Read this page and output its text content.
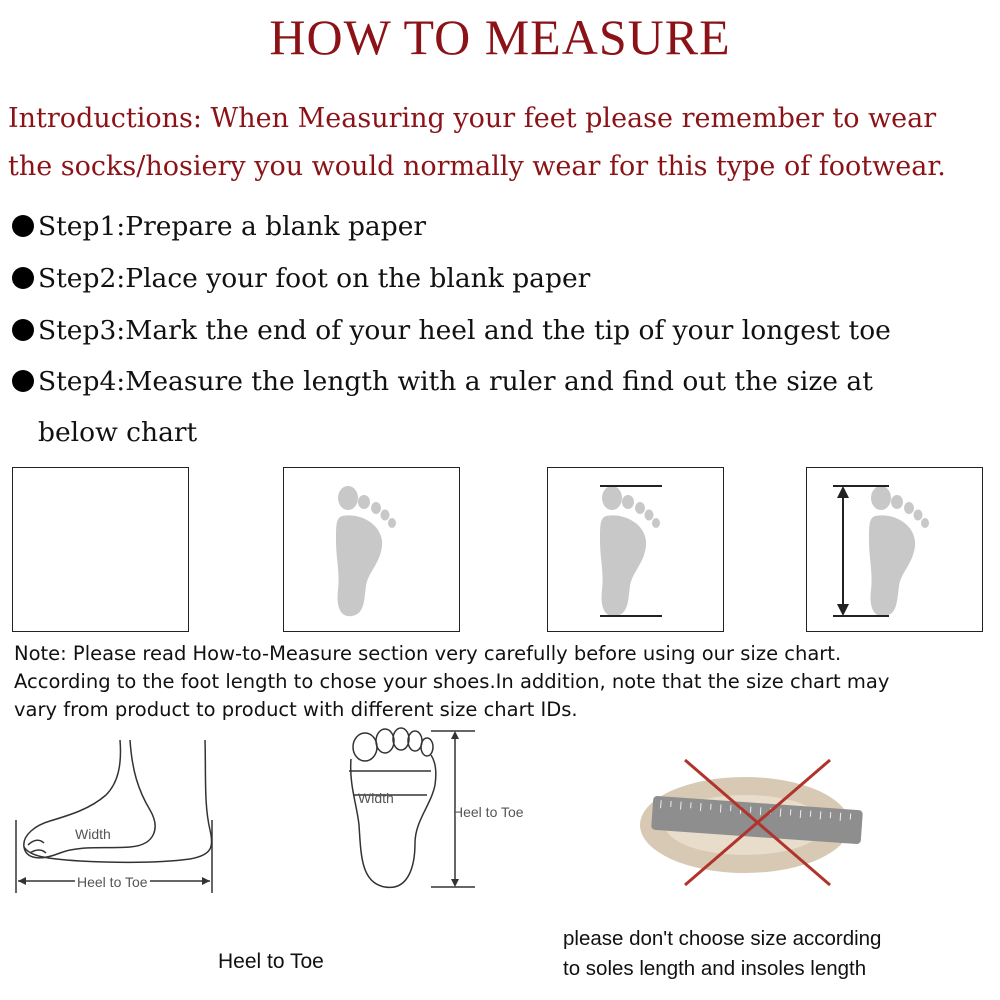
HOW TO MEASURE
Introductions: When Measuring your feet please remember to wear
the socks/hosiery you would normally wear for this type of footwear.
Step1:Prepare a blank paper
Step2:Place your foot on the blank paper
Step3:Mark the end of your heel and the tip of your longest toe
Step4:Measure the length with a ruler and find out the size at
below chart
Note: Please read How-to-Measure section very carefully before using our size chart.
According to the foot length to chose your shoes.In addition, note that the size chart may
vary from product to product with different size chart IDs.
Width
Heel to Toe
Width
Heel to Toe
Heel to Toe
please don't choose size according
to soles length and insoles length
